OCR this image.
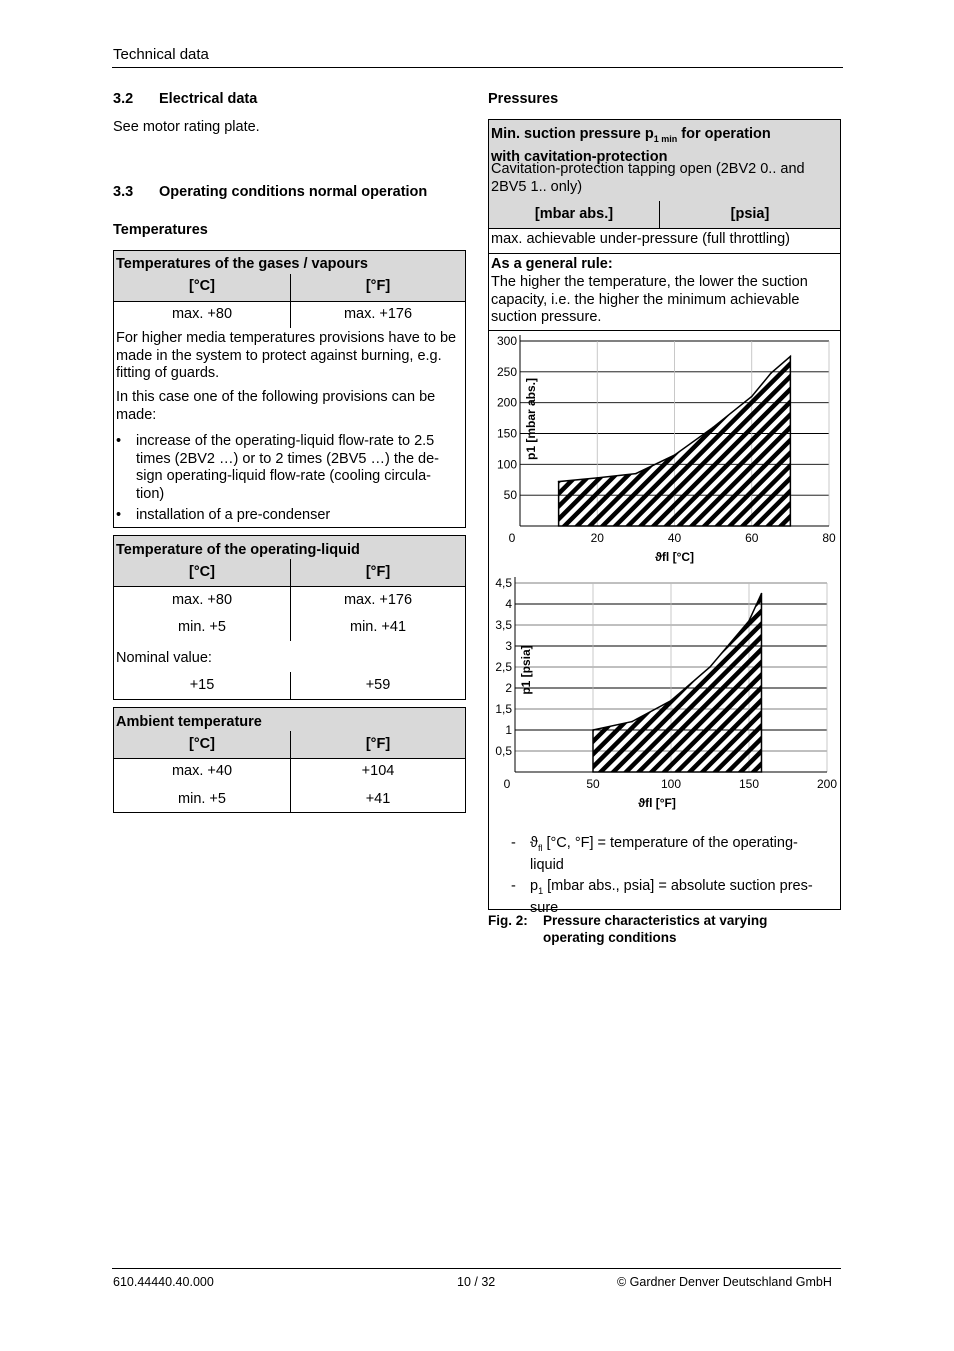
Technical data
3.2 Electrical data
See motor rating plate.
3.3 Operating conditions normal operation
Temperatures
Temperatures of the gases / vapours
[°C]	[°F]
max. +80	max. +176
For higher media temperatures provisions have to be made in the system to protect against burning, e.g. fitting of guards.
In this case one of the following provisions can be made:
• increase of the operating-liquid flow-rate to 2.5 times (2BV2 …) or to 2 times (2BV5 …) the de-sign operating-liquid flow-rate (cooling circula-tion)
• installation of a pre-condenser
Temperature of the operating-liquid
[°C]	[°F]
max. +80	max. +176
min. +5	min. +41
Nominal value:
+15	+59
Ambient temperature
[°C]	[°F]
max. +40	+104
min. +5	+41
Pressures
Min. suction pressure $p_{1 min}$ for operation
with cavitation-protection
Cavitation-protection tapping open (2BV2 0.. and 2BV5 1.. only)
[mbar abs.]	[psia]
max. achievable under-pressure (full throttling)
As a general rule:
The higher the temperature, the lower the suction capacity, i.e. the higher the minimum achievable suction pressure.
- $ϑ_{fl}$ [°C, °F] = temperature of the operating-liquid
- $p_1$ [mbar abs., psia] = absolute suction pres-sure
50
100
150
200
250
300
0	20	40	60	80
ϑfl [°C]
p1 [mbar abs.]
0,5
1
1,5
2
2,5
3
3,5
4
4,5
0	50	100	150	200
ϑfl [°F]
p1 [psia]
Fig. 2: Pressure characteristics at varying operating conditions
610.44440.40.000	10 / 32	© Gardner Denver Deutschland GmbH
